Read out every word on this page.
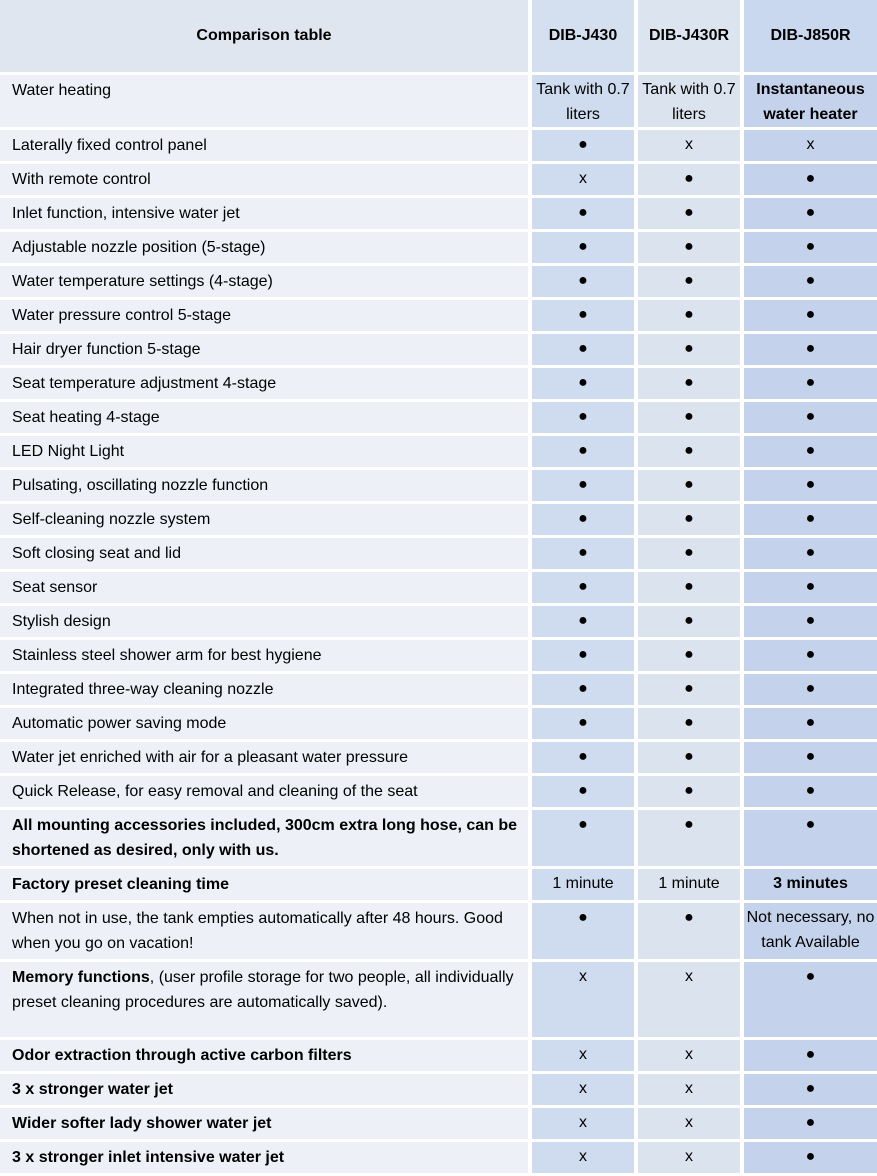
Comparison table	DIB-J430	DIB-J430R	DIB-J850R
Water heating	Tank with 0.7 liters	Tank with 0.7 liters	Instantaneous water heater
Laterally fixed control panel	●	x	x
With remote control	x	●	●
Inlet function, intensive water jet	●	●	●
Adjustable nozzle position (5-stage)	●	●	●
Water temperature settings (4-stage)	●	●	●
Water pressure control 5-stage	●	●	●
Hair dryer function 5-stage	●	●	●
Seat temperature adjustment 4-stage	●	●	●
Seat heating 4-stage	●	●	●
LED Night Light	●	●	●
Pulsating, oscillating nozzle function	●	●	●
Self-cleaning nozzle system	●	●	●
Soft closing seat and lid	●	●	●
Seat sensor	●	●	●
Stylish design	●	●	●
Stainless steel shower arm for best hygiene	●	●	●
Integrated three-way cleaning nozzle	●	●	●
Automatic power saving mode	●	●	●
Water jet enriched with air for a pleasant water pressure	●	●	●
Quick Release, for easy removal and cleaning of the seat	●	●	●
All mounting accessories included, 300cm extra long hose, can be shortened as desired, only with us.	●	●	●
Factory preset cleaning time	1 minute	1 minute	3 minutes
When not in use, the tank empties automatically after 48 hours. Good when you go on vacation!	●	●	Not necessary, no tank Available
Memory functions, (user profile storage for two people, all individually preset cleaning procedures are automatically saved).	x	x	●
Odor extraction through active carbon filters	x	x	●
3 x stronger water jet	x	x	●
Wider softer lady shower water jet	x	x	●
3 x stronger inlet intensive water jet	x	x	●
